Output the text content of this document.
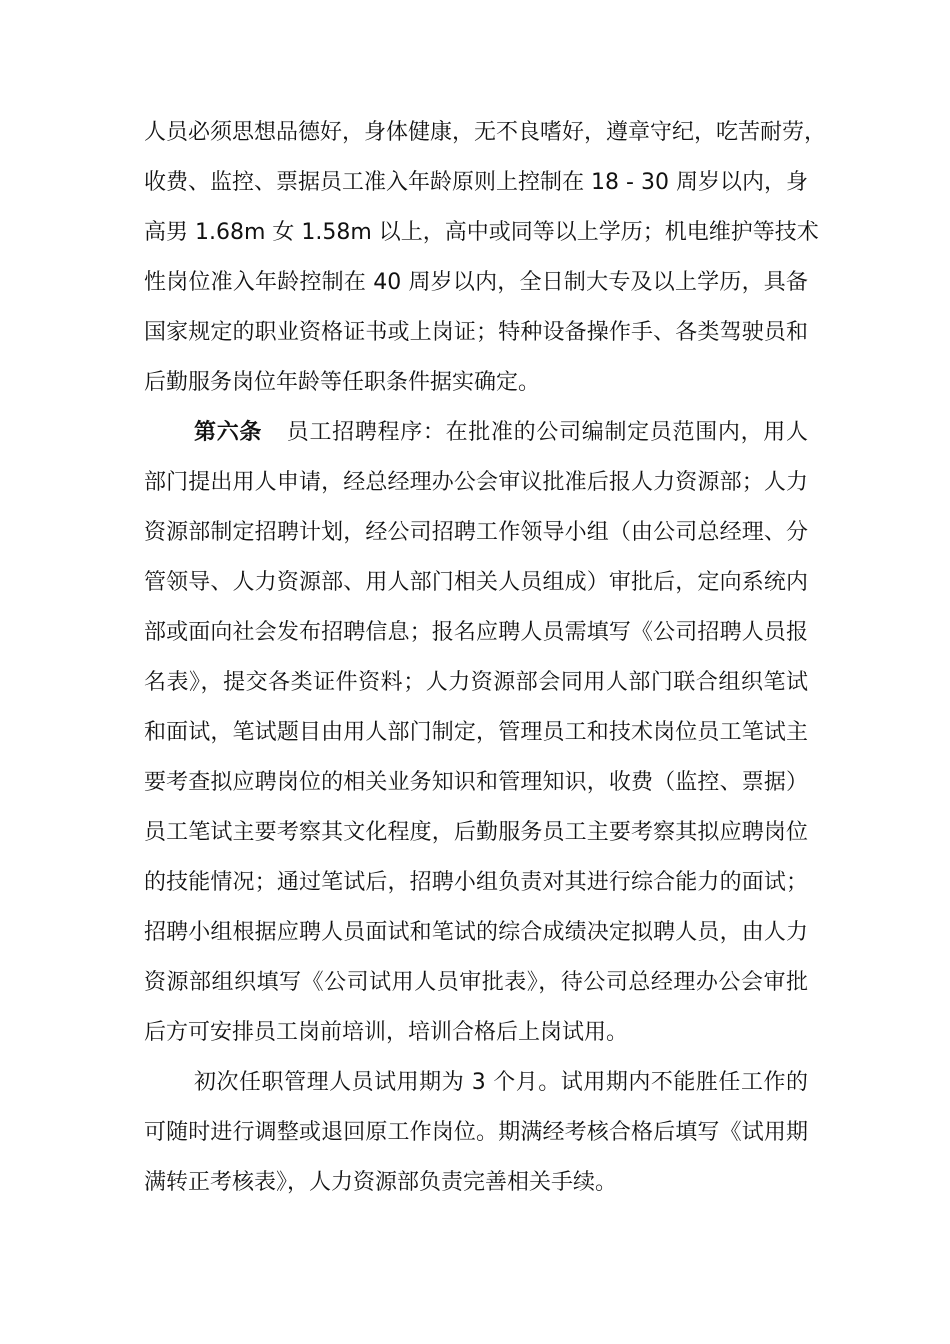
人员必须思想品德好，身体健康，无不良嗜好，遵章守纪，吃苦耐劳，
收费、监控、票据员工准入年龄原则上控制在 18 - 30 周岁以内，身
高男 1.68m 女 1.58m 以上，高中或同等以上学历；机电维护等技术
性岗位准入年龄控制在 40 周岁以内，全日制大专及以上学历，具备
国家规定的职业资格证书或上岗证；特种设备操作手、各类驾驶员和
后勤服务岗位年龄等任职条件据实确定。
第六条 员工招聘程序：在批准的公司编制定员范围内，用人
部门提出用人申请，经总经理办公会审议批准后报人力资源部；人力
资源部制定招聘计划，经公司招聘工作领导小组（由公司总经理、分
管领导、人力资源部、用人部门相关人员组成）审批后，定向系统内
部或面向社会发布招聘信息；报名应聘人员需填写《公司招聘人员报
名表》，提交各类证件资料；人力资源部会同用人部门联合组织笔试
和面试，笔试题目由用人部门制定，管理员工和技术岗位员工笔试主
要考查拟应聘岗位的相关业务知识和管理知识，收费（监控、票据）
员工笔试主要考察其文化程度，后勤服务员工主要考察其拟应聘岗位
的技能情况；通过笔试后，招聘小组负责对其进行综合能力的面试；
招聘小组根据应聘人员面试和笔试的综合成绩决定拟聘人员，由人力
资源部组织填写《公司试用人员审批表》，待公司总经理办公会审批
后方可安排员工岗前培训，培训合格后上岗试用。
初次任职管理人员试用期为 3 个月。试用期内不能胜任工作的
可随时进行调整或退回原工作岗位。期满经考核合格后填写《试用期
满转正考核表》，人力资源部负责完善相关手续。
